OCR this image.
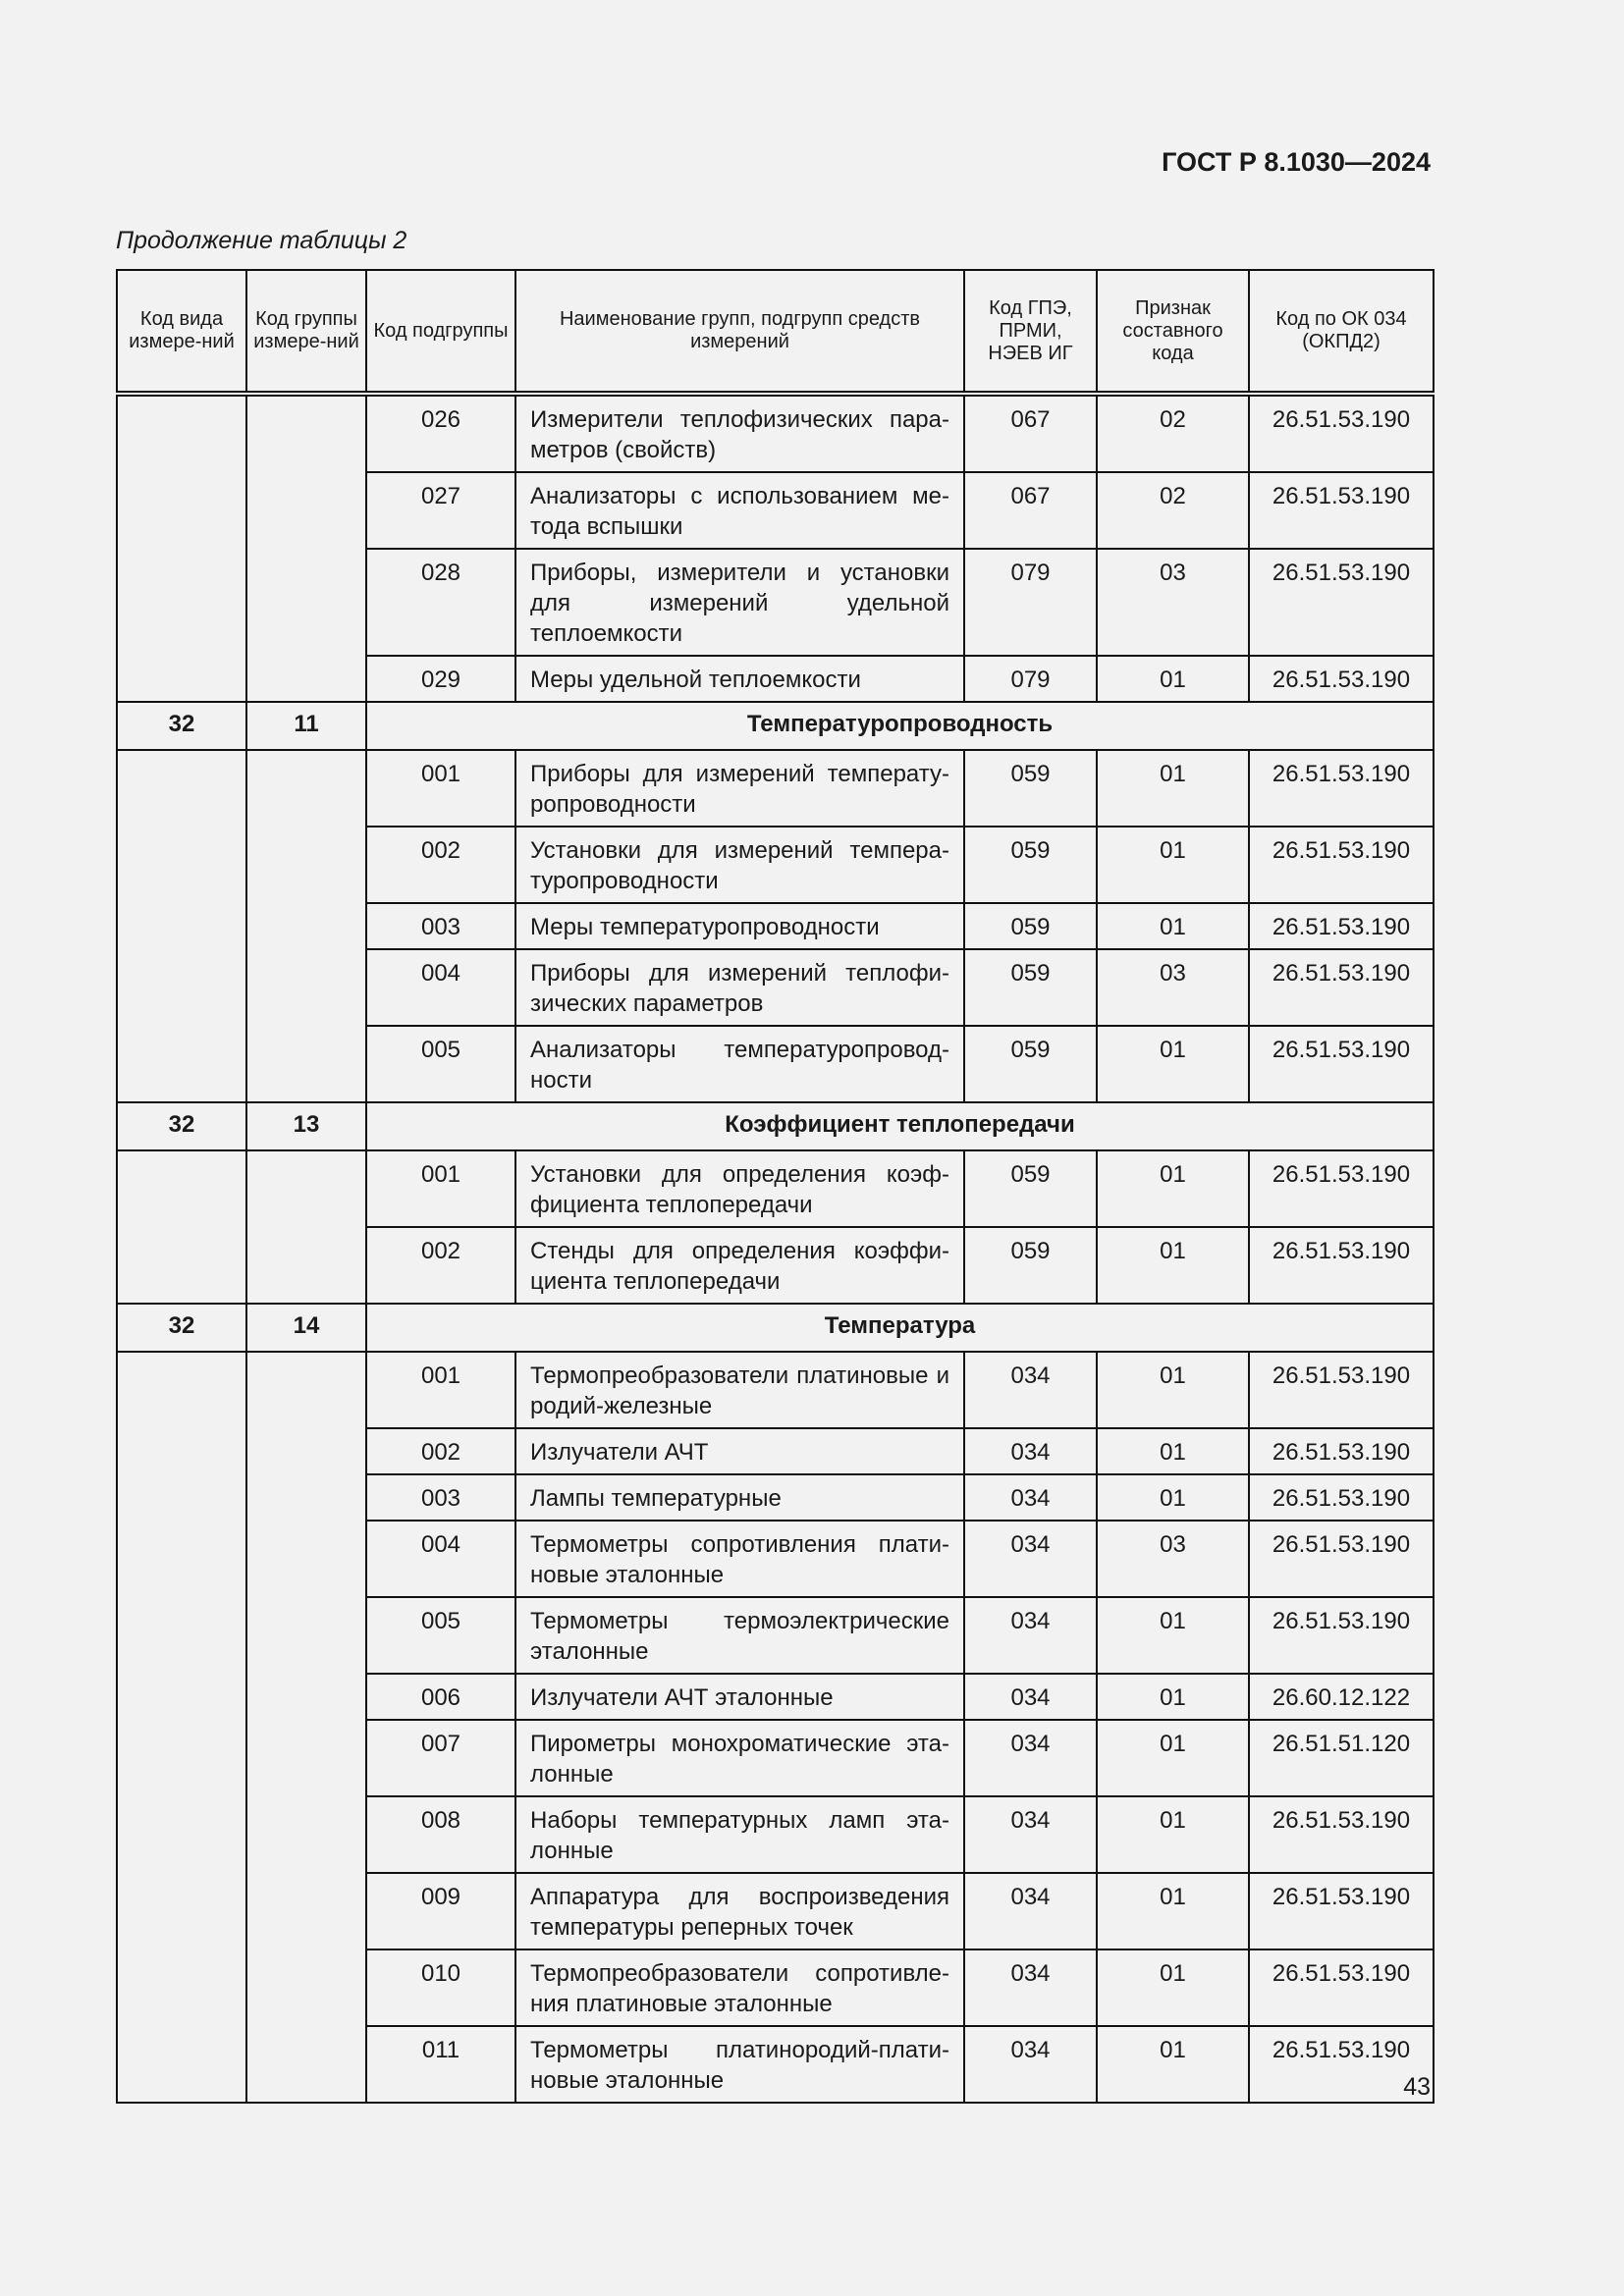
ГОСТ Р 8.1030—2024
Продолжение таблицы 2
Код вида измере-ний	Код группы измере-ний	Код подгруппы	Наименование групп, подгрупп средств измерений	Код ГПЭ, ПРМИ, НЭЕВ ИГ	Признак составного кода	Код по ОК 034 (ОКПД2)
		026	Измерители теплофизических пара-метров (свойств)	067	02	26.51.53.190
		027	Анализаторы с использованием ме-тода вспышки	067	02	26.51.53.190
		028	Приборы, измерители и установки для измерений удельной теплоемкости	079	03	26.51.53.190
		029	Меры удельной теплоемкости	079	01	26.51.53.190
32	11	Температуропроводность				
		001	Приборы для измерений температу-ропроводности	059	01	26.51.53.190
		002	Установки для измерений темпера-туропроводности	059	01	26.51.53.190
		003	Меры температуропроводности	059	01	26.51.53.190
		004	Приборы для измерений теплофи-зических параметров	059	03	26.51.53.190
		005	Анализаторы температуропровод-ности	059	01	26.51.53.190
32	13	Коэффициент теплопередачи				
		001	Установки для определения коэф-фициента теплопередачи	059	01	26.51.53.190
		002	Стенды для определения коэффи-циента теплопередачи	059	01	26.51.53.190
32	14	Температура				
		001	Термопреобразователи платиновые и родий-железные	034	01	26.51.53.190
		002	Излучатели АЧТ	034	01	26.51.53.190
		003	Лампы температурные	034	01	26.51.53.190
		004	Термометры сопротивления плати-новые эталонные	034	03	26.51.53.190
		005	Термометры термоэлектрические эталонные	034	01	26.51.53.190
		006	Излучатели АЧТ эталонные	034	01	26.60.12.122
		007	Пирометры монохроматические эта-лонные	034	01	26.51.51.120
		008	Наборы температурных ламп эта-лонные	034	01	26.51.53.190
		009	Аппаратура для воспроизведения температуры реперных точек	034	01	26.51.53.190
		010	Термопреобразователи сопротивле-ния платиновые эталонные	034	01	26.51.53.190
		011	Термометры платинородий-плати-новые эталонные	034	01	26.51.53.190
43
